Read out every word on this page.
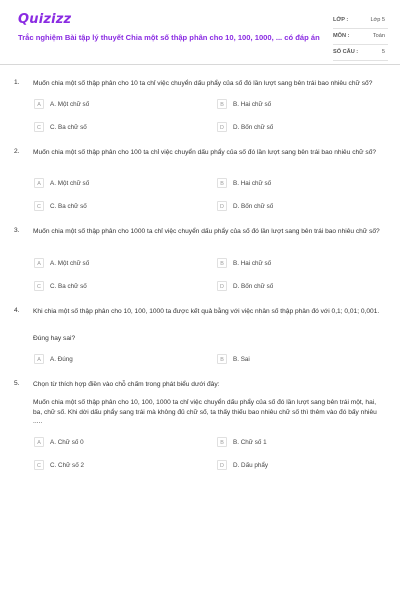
Quizizz
Trắc nghiệm Bài tập lý thuyết Chia một số thập phân cho 10, 100, 1000, ... có đáp án
LỚP :	Lớp 5
MÔN :	Toán
SỐ CÂU :	5
1. Muốn chia một số thập phân cho 10 ta chỉ việc chuyển dấu phẩy của số đó lần lượt sang bên trái bao nhiêu chữ số?
A	A. Một chữ số	B	B. Hai chữ số
C	C. Ba chữ số	D	D. Bốn chữ số
2. Muốn chia một số thập phân cho 100 ta chỉ việc chuyển dấu phẩy của số đó lần lượt sang bên trái bao nhiêu chữ số?
A	A. Một chữ số	B	B. Hai chữ số
C	C. Ba chữ số	D	D. Bốn chữ số
3. Muốn chia một số thập phân cho 1000 ta chỉ việc chuyển dấu phẩy của số đó lần lượt sang bên trái bao nhiêu chữ số?
A	A. Một chữ số	B	B. Hai chữ số
C	C. Ba chữ số	D	D. Bốn chữ số
4. Khi chia một số thập phân cho 10, 100, 1000 ta được kết quả bằng với việc nhân số thập phân đó với 0,1; 0,01; 0,001.
Đúng hay sai?
A	A. Đúng	B	B. Sai
5. Chọn từ thích hợp điền vào chỗ chấm trong phát biểu dưới đây:
Muốn chia một số thập phân cho 10, 100, 1000 ta chỉ việc chuyển dấu phẩy của số đó lần lượt sang bên trái một, hai, ba, chữ số. Khi dời dấu phẩy sang trái mà không đủ chữ số, ta thấy thiếu bao nhiêu chữ số thì thêm vào đó bấy nhiêu .....
A	A. Chữ số 0	B	B. Chữ số 1
C	C. Chữ số 2	D	D. Dấu phẩy
